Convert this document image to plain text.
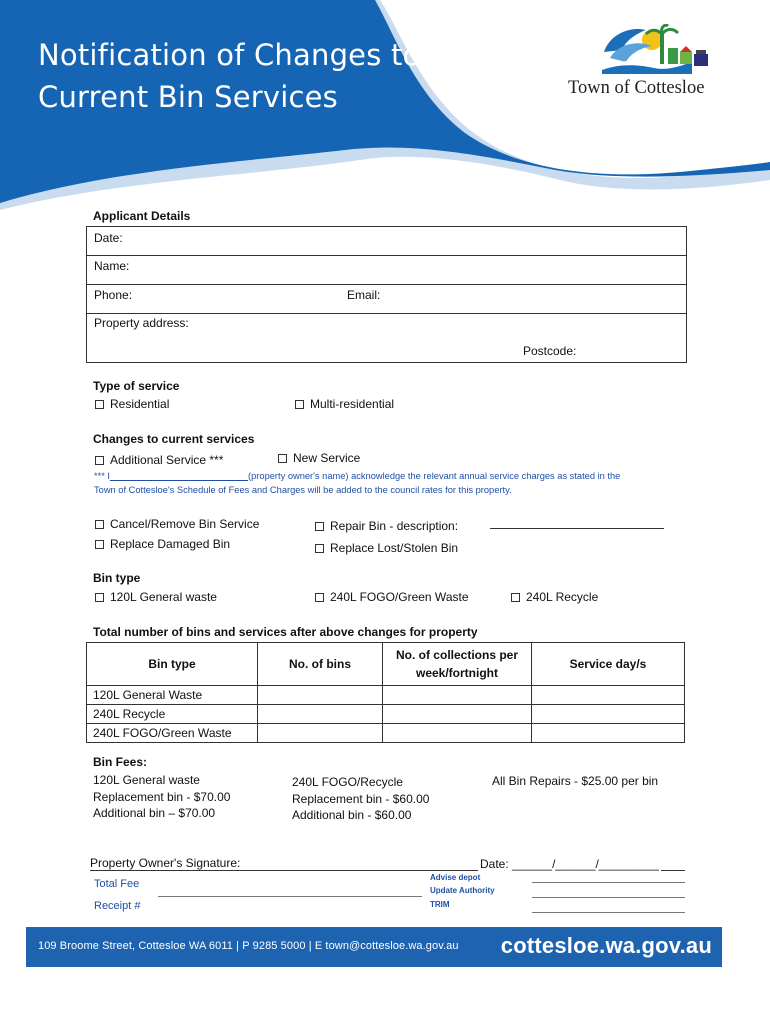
Notification of Changes to
Current Bin Services	Town of Cottesloe
Applicant Details
Date:
Name:
Phone:	Email:
Property address:
Postcode:
Type of service
Residential	Multi-residential
Changes to current services
Additional Service ***	New Service
*** I	(property owner's name) acknowledge the relevant annual service charges as stated in the
Town of Cottesloe's Schedule of Fees and Charges will be added to the council rates for this property.
Cancel/Remove Bin Service	Repair Bin - description:
Replace Damaged Bin	Replace Lost/Stolen Bin
Bin type
120L General waste	240L FOGO/Green Waste	240L Recycle
Total number of bins and services after above changes for property
Bin type	No. of bins	No. of collections per week/fortnight	Service day/s
120L General Waste			
240L Recycle			
240L FOGO/Green Waste			
Bin Fees:
120L General waste
Replacement bin - $70.00
Additional bin – $70.00
240L FOGO/Recycle
Replacement bin - $60.00
Additional bin - $60.00
All Bin Repairs - $25.00 per bin
Property Owner's Signature:	Date: ______/______/_________
Total Fee
Receipt #
Advise depot
Update Authority
TRIM
109 Broome Street, Cottesloe WA 6011 | P 9285 5000 | E town@cottesloe.wa.gov.au cottesloe.wa.gov.au
